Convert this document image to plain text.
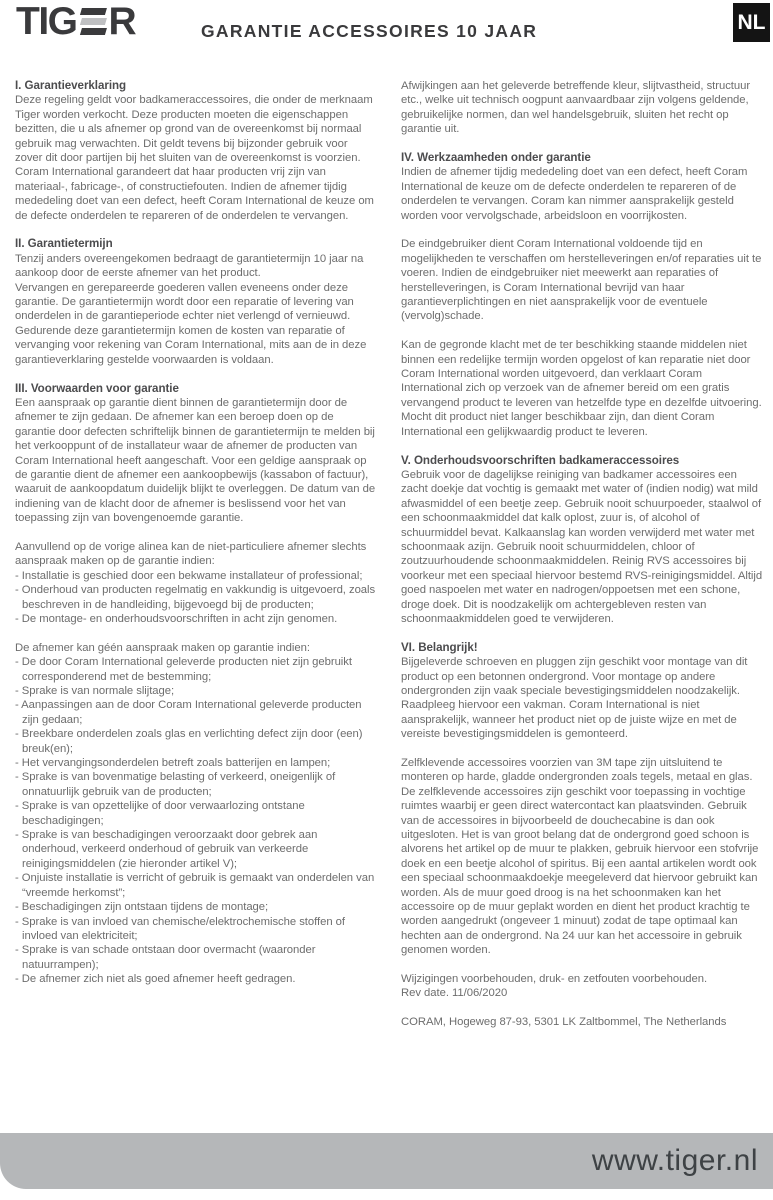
TIG R	GARANTIE ACCESSOIRES 10 JAAR	NL
I. Garantieverklaring

Deze regeling geldt voor badkameraccessoires, die onder de merknaam Tiger worden verkocht. Deze producten moeten die eigenschappen bezitten, die u als afnemer op grond van de overeenkomst bij normaal gebruik mag verwachten. Dit geldt tevens bij bijzonder gebruik voor zover dit door partijen bij het sluiten van de overeenkomst is voorzien. Coram International garandeert dat haar producten vrij zijn van materiaal-, fabricage-, of constructiefouten. Indien de afnemer tijdig mededeling doet van een defect, heeft Coram International de keuze om de defecte onderdelen te repareren of de onderdelen te vervangen.

II. Garantietermijn

Tenzij anders overeengekomen bedraagt de garantietermijn 10 jaar na aankoop door de eerste afnemer van het product.

Vervangen en gerepareerde goederen vallen eveneens onder deze garantie. De garantietermijn wordt door een reparatie of levering van onderdelen in de garantieperiode echter niet verlengd of vernieuwd.

Gedurende deze garantietermijn komen de kosten van reparatie of vervanging voor rekening van Coram International, mits aan de in deze garantieverklaring gestelde voorwaarden is voldaan.

III. Voorwaarden voor garantie

Een aanspraak op garantie dient binnen de garantietermijn door de afnemer te zijn gedaan. De afnemer kan een beroep doen op de garantie door defecten schriftelijk binnen de garantietermijn te melden bij het verkooppunt of de installateur waar de afnemer de producten van Coram International heeft aangeschaft. Voor een geldige aanspraak op de garantie dient de afnemer een aankoopbewijs (kassabon of factuur), waaruit de aankoopdatum duidelijk blijkt te overleggen. De datum van de indiening van de klacht door de afnemer is beslissend voor het van toepassing zijn van bovengenoemde garantie.

Aanvullend op de vorige alinea kan de niet-particuliere afnemer slechts aanspraak maken op de garantie indien:

- Installatie is geschied door een bekwame installateur of professional;

- Onderhoud van producten regelmatig en vakkundig is uitgevoerd, zoals beschreven in de handleiding, bijgevoegd bij de producten;

- De montage- en onderhoudsvoorschriften in acht zijn genomen.

De afnemer kan géén aanspraak maken op garantie indien:

- De door Coram International geleverde producten niet zijn gebruikt corresponderend met de bestemming;

- Sprake is van normale slijtage;

- Aanpassingen aan de door Coram International geleverde producten zijn gedaan;

- Breekbare onderdelen zoals glas en verlichting defect zijn door (een) breuk(en);

- Het vervangingsonderdelen betreft zoals batterijen en lampen;

- Sprake is van bovenmatige belasting of verkeerd, oneigenlijk of onnatuurlijk gebruik van de producten;

- Sprake is van opzettelijke of door verwaarlozing ontstane beschadigingen;

- Sprake is van beschadigingen veroorzaakt door gebrek aan onderhoud, verkeerd onderhoud of gebruik van verkeerde reinigingsmiddelen (zie hieronder artikel V);

- Onjuiste installatie is verricht of gebruik is gemaakt van onderdelen van “vreemde herkomst”;

- Beschadigingen zijn ontstaan tijdens de montage;

- Sprake is van invloed van chemische/elektrochemische stoffen of invloed van elektriciteit;

- Sprake is van schade ontstaan door overmacht (waaronder natuurrampen);

- De afnemer zich niet als goed afnemer heeft gedragen.

Afwijkingen aan het geleverde betreffende kleur, slijtvastheid, structuur etc., welke uit technisch oogpunt aanvaardbaar zijn volgens geldende, gebruikelijke normen, dan wel handelsgebruik, sluiten het recht op garantie uit.

IV. Werkzaamheden onder garantie

Indien de afnemer tijdig mededeling doet van een defect, heeft Coram International de keuze om de defecte onderdelen te repareren of de onderdelen te vervangen. Coram kan nimmer aansprakelijk gesteld worden voor vervolgschade, arbeidsloon en voorrijkosten.

De eindgebruiker dient Coram International voldoende tijd en mogelijkheden te verschaffen om herstelleveringen en/of reparaties uit te voeren. Indien de eindgebruiker niet meewerkt aan reparaties of herstelleveringen, is Coram International bevrijd van haar garantieverplichtingen en niet aansprakelijk voor de eventuele (vervolg)schade.

Kan de gegronde klacht met de ter beschikking staande middelen niet binnen een redelijke termijn worden opgelost of kan reparatie niet door Coram International worden uitgevoerd, dan verklaart Coram International zich op verzoek van de afnemer bereid om een gratis vervangend product te leveren van hetzelfde type en dezelfde uitvoering. Mocht dit product niet langer beschikbaar zijn, dan dient Coram International een gelijkwaardig product te leveren.

V. Onderhoudsvoorschriften badkameraccessoires

Gebruik voor de dagelijkse reiniging van badkamer accessoires een zacht doekje dat vochtig is gemaakt met water of (indien nodig) wat mild afwasmiddel of een beetje zeep. Gebruik nooit schuurpoeder, staalwol of een schoonmaakmiddel dat kalk oplost, zuur is, of alcohol of schuurmiddel bevat. Kalkaanslag kan worden verwijderd met water met schoonmaak azijn. Gebruik nooit schuurmiddelen, chloor of zoutzuurhoudende schoonmaakmiddelen. Reinig RVS accessoires bij voorkeur met een speciaal hiervoor bestemd RVS-reinigingsmiddel. Altijd goed naspoelen met water en nadrogen/oppoetsen met een schone, droge doek. Dit is noodzakelijk om achtergebleven resten van schoonmaakmiddelen goed te verwijderen.

VI. Belangrijk!

Bijgeleverde schroeven en pluggen zijn geschikt voor montage van dit product op een betonnen ondergrond. Voor montage op andere ondergronden zijn vaak speciale bevestigingsmiddelen noodzakelijk. Raadpleeg hiervoor een vakman. Coram International is niet aansprakelijk, wanneer het product niet op de juiste wijze en met de vereiste bevestigingsmiddelen is gemonteerd.

Zelfklevende accessoires voorzien van 3M tape zijn uitsluitend te monteren op harde, gladde ondergronden zoals tegels, metaal en glas. De zelfklevende accessoires zijn geschikt voor toepassing in vochtige ruimtes waarbij er geen direct watercontact kan plaatsvinden. Gebruik van de accessoires in bijvoorbeeld de douchecabine is dan ook uitgesloten. Het is van groot belang dat de ondergrond goed schoon is alvorens het artikel op de muur te plakken, gebruik hiervoor een stofvrije doek en een beetje alcohol of spiritus. Bij een aantal artikelen wordt ook een speciaal schoonmaakdoekje meegeleverd dat hiervoor gebruikt kan worden. Als de muur goed droog is na het schoonmaken kan het accessoire op de muur geplakt worden en dient het product krachtig te worden aangedrukt (ongeveer 1 minuut) zodat de tape optimaal kan hechten aan de ondergrond. Na 24 uur kan het accessoire in gebruik genomen worden.

Wijzigingen voorbehouden, druk- en zetfouten voorbehouden.

Rev date. 11/06/2020

CORAM, Hogeweg 87-93, 5301 LK Zaltbommel, The Netherlands

www.tiger.nl
